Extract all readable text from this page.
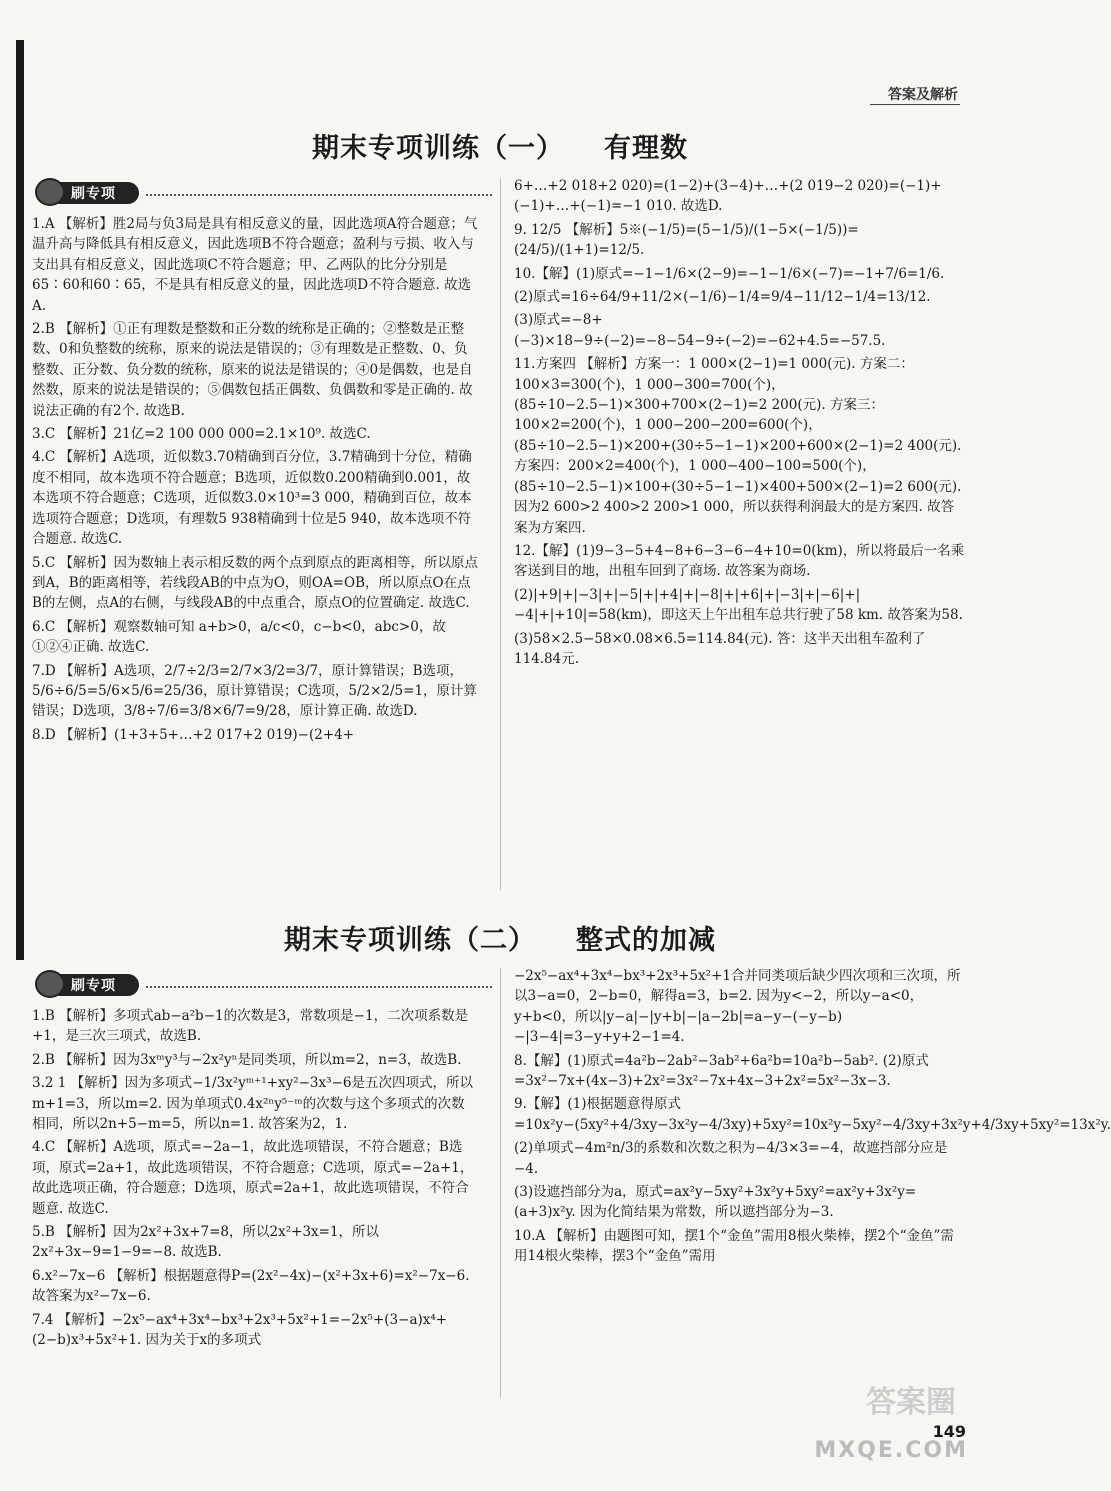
答案及解析
期末专项训练（一） 有理数
刷专项

1.A 【解析】胜2局与负3局是具有相反意义的量，因此选项A符合题意；气温升高与降低具有相反意义，因此选项B不符合题意；盈利与亏损、收入与支出具有相反意义，因此选项C不符合题意；甲、乙两队的比分分别是65∶60和60∶65，不是具有相反意义的量，因此选项D不符合题意. 故选A.

2.B 【解析】①正有理数是整数和正分数的统称是正确的；②整数是正整数、0和负整数的统称，原来的说法是错误的；③有理数是正整数、0、负整数、正分数、负分数的统称，原来的说法是错误的；④0是偶数，也是自然数，原来的说法是错误的；⑤偶数包括正偶数、负偶数和零是正确的. 故说法正确的有2个. 故选B.

3.C 【解析】21亿=2 100 000 000=2.1×10⁹. 故选C.

4.C 【解析】A选项，近似数3.70精确到百分位，3.7精确到十分位，精确度不相同，故本选项不符合题意；B选项，近似数0.200精确到0.001，故本选项不符合题意；C选项，近似数3.0×10³=3 000，精确到百位，故本选项符合题意；D选项，有理数5 938精确到十位是5 940，故本选项不符合题意. 故选C.

5.C 【解析】因为数轴上表示相反数的两个点到原点的距离相等，所以原点到A，B的距离相等，若线段AB的中点为O，则OA=OB，所以原点O在点B的左侧，点A的右侧，与线段AB的中点重合，原点O的位置确定. 故选C.

6.C 【解析】观察数轴可知 a+b>0，a/c<0，c−b<0，abc>0，故①②④正确. 故选C.

7.D 【解析】A选项，2/7÷2/3=2/7×3/2=3/7，原计算错误；B选项，5/6÷6/5=5/6×5/6=25/36，原计算错误；C选项，5/2×2/5=1，原计算错误；D选项，3/8÷7/6=3/8×6/7=9/28，原计算正确. 故选D.

8.D 【解析】(1+3+5+…+2 017+2 019)−(2+4+

6+…+2 018+2 020)=(1−2)+(3−4)+…+(2 019−2 020)=(−1)+(−1)+…+(−1)=−1 010. 故选D.

9. 12/5 【解析】5※(−1/5)=(5−1/5)/(1−5×(−1/5))=(24/5)/(1+1)=12/5.

10.【解】(1)原式=−1−1/6×(2−9)=−1−1/6×(−7)=−1+7/6=1/6.

(2)原式=16÷64/9+11/2×(−1/6)−1/4=9/4−11/12−1/4=13/12.

(3)原式=−8+(−3)×18−9÷(−2)=−8−54−9÷(−2)=−62+4.5=−57.5.

11.方案四 【解析】方案一：1 000×(2−1)=1 000(元). 方案二：100×3=300(个)，1 000−300=700(个)，(85÷10−2.5−1)×300+700×(2−1)=2 200(元). 方案三：100×2=200(个)，1 000−200−200=600(个)，(85÷10−2.5−1)×200+(30÷5−1−1)×200+600×(2−1)=2 400(元). 方案四：200×2=400(个)，1 000−400−100=500(个)，(85÷10−2.5−1)×100+(30÷5−1−1)×400+500×(2−1)=2 600(元). 因为2 600>2 400>2 200>1 000，所以获得利润最大的是方案四. 故答案为方案四.

12.【解】(1)9−3−5+4−8+6−3−6−4+10=0(km)，所以将最后一名乘客送到目的地，出租车回到了商场. 故答案为商场.

(2)|+9|+|−3|+|−5|+|+4|+|−8|+|+6|+|−3|+|−6|+|−4|+|+10|=58(km)，即这天上午出租车总共行驶了58 km. 故答案为58.

(3)58×2.5−58×0.08×6.5=114.84(元). 答：这半天出租车盈利了114.84元.

期末专项训练（二） 整式的加减
刷专项

1.B 【解析】多项式ab−a²b−1的次数是3，常数项是−1，二次项系数是+1，是三次三项式，故选B.

2.B 【解析】因为3xᵐy³与−2x²yⁿ是同类项，所以m=2，n=3，故选B.

3.2 1 【解析】因为多项式−1/3x²yᵐ⁺¹+xy²−3x³−6是五次四项式，所以m+1=3，所以m=2. 因为单项式0.4x²ⁿy⁵⁻ᵐ的次数与这个多项式的次数相同，所以2n+5−m=5，所以n=1. 故答案为2，1.

4.C 【解析】A选项，原式=−2a−1，故此选项错误，不符合题意；B选项，原式=2a+1，故此选项错误，不符合题意；C选项，原式=−2a+1，故此选项正确，符合题意；D选项，原式=2a+1，故此选项错误，不符合题意. 故选C.

5.B 【解析】因为2x²+3x+7=8，所以2x²+3x=1，所以2x²+3x−9=1−9=−8. 故选B.

6.x²−7x−6 【解析】根据题意得P=(2x²−4x)−(x²+3x+6)=x²−7x−6. 故答案为x²−7x−6.

7.4 【解析】−2x⁵−ax⁴+3x⁴−bx³+2x³+5x²+1=−2x⁵+(3−a)x⁴+(2−b)x³+5x²+1. 因为关于x的多项式

−2x⁵−ax⁴+3x⁴−bx³+2x³+5x²+1合并同类项后缺少四次项和三次项，所以3−a=0，2−b=0，解得a=3，b=2. 因为y<−2，所以y−a<0，y+b<0，所以|y−a|−|y+b|−|a−2b|=a−y−(−y−b)−|3−4|=3−y+y+2−1=4.

8.【解】(1)原式=4a²b−2ab²−3ab²+6a²b=10a²b−5ab². (2)原式=3x²−7x+(4x−3)+2x²=3x²−7x+4x−3+2x²=5x²−3x−3.

9.【解】(1)根据题意得原式=10x²y−(5xy²+4/3xy−3x²y−4/3xy)+5xy²=10x²y−5xy²−4/3xy+3x²y+4/3xy+5xy²=13x²y.

(2)单项式−4m²n/3的系数和次数之积为−4/3×3=−4，故遮挡部分应是−4.

(3)设遮挡部分为a，原式=ax²y−5xy²+3x²y+5xy²=ax²y+3x²y=(a+3)x²y. 因为化简结果为常数，所以遮挡部分为−3.

10.A 【解析】由题图可知，摆1个“金鱼”需用8根火柴棒，摆2个“金鱼”需用14根火柴棒，摆3个“金鱼”需用

答案圈
149
MXQE.COM
